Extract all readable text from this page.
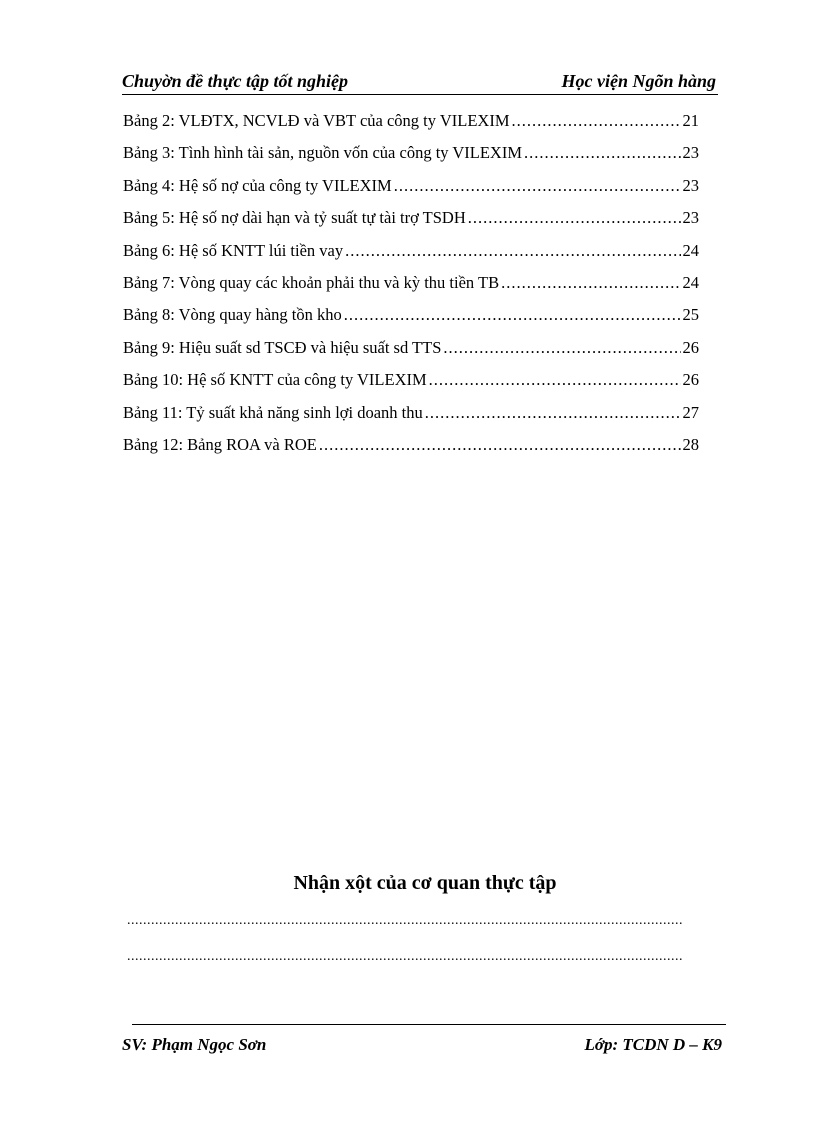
Chuyờn đề thực tập tốt nghiệp	Học viện Ngõn hàng
Bảng 2: VLĐTX, NCVLĐ và VBT của công ty VILEXIM .....	21
Bảng 3: Tình hình tài sản, nguồn vốn của công ty VILEXIM .....	23
Bảng 4: Hệ số nợ của công ty VILEXIM .....	23
Bảng 5: Hệ số nợ dài hạn và tỷ suất tự tài trợ TSDH .....	23
Bảng 6: Hệ số KNTT lúi tiền vay .....	24
Bảng 7: Vòng quay các khoản phải thu và kỳ thu tiền TB .....	24
Bảng 8: Vòng quay hàng tồn kho .....	25
Bảng 9: Hiệu suất sd TSCĐ và hiệu suất sd TTS .....	26
Bảng 10: Hệ số KNTT của công ty VILEXIM .....	26
Bảng 11: Tỷ suất khả năng sinh lợi doanh thu .....	27
Bảng 12: Bảng ROA và ROE .....	28
Nhận xột của cơ quan thực tập
.....
.....
SV: Phạm Ngọc Sơn	Lớp: TCDN D – K9
